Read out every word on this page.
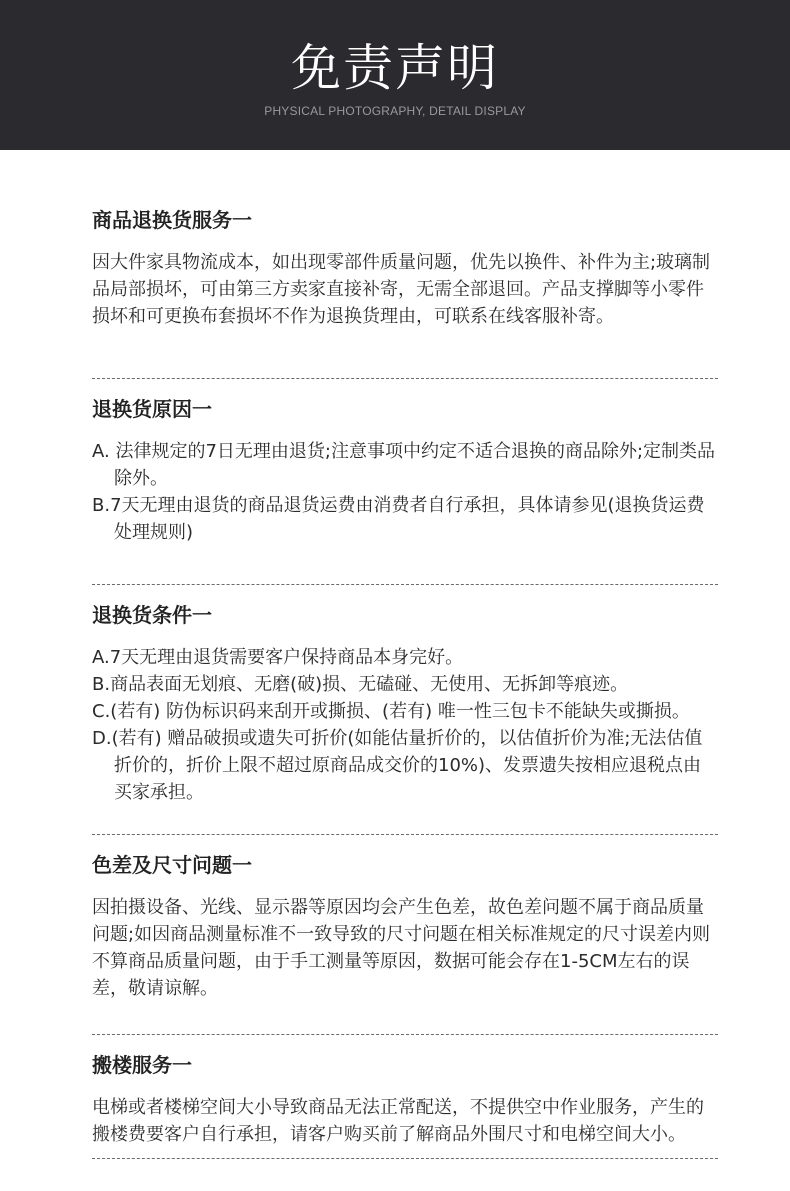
免责声明
PHYSICAL PHOTOGRAPHY, DETAIL DISPLAY
商品退换货服务一

因大件家具物流成本，如出现零部件质量问题，优先以换件、补件为主;玻璃制品局部损坏，可由第三方卖家直接补寄，无需全部退回。产品支撑脚等小零件损坏和可更换布套损坏不作为退换货理由，可联系在线客服补寄。

退换货原因一
A. 法律规定的7日无理由退货;注意事项中约定不适合退换的商品除外;定制类品除外。
B.7天无理由退货的商品退货运费由消费者自行承担，具体请参见(退换货运费处理规则)
退换货条件一
A.7天无理由退货需要客户保持商品本身完好。
B.商品表面无划痕、无磨(破)损、无磕碰、无使用、无拆卸等痕迹。
C.(若有) 防伪标识码来刮开或撕损、(若有) 唯一性三包卡不能缺失或撕损。
D.(若有) 赠品破损或遗失可折价(如能估量折价的，以估值折价为准;无法估值折价的，折价上限不超过原商品成交价的10%)、发票遗失按相应退税点由买家承担。
色差及尺寸问题一

因拍摄设备、光线、显示器等原因均会产生色差，故色差问题不属于商品质量问题;如因商品测量标准不一致导致的尺寸问题在相关标准规定的尺寸误差内则不算商品质量问题，由于手工测量等原因，数据可能会存在1-5CM左右的误差，敬请谅解。

搬楼服务一

电梯或者楼梯空间大小导致商品无法正常配送，不提供空中作业服务，产生的搬楼费要客户自行承担，请客户购买前了解商品外围尺寸和电梯空间大小。
